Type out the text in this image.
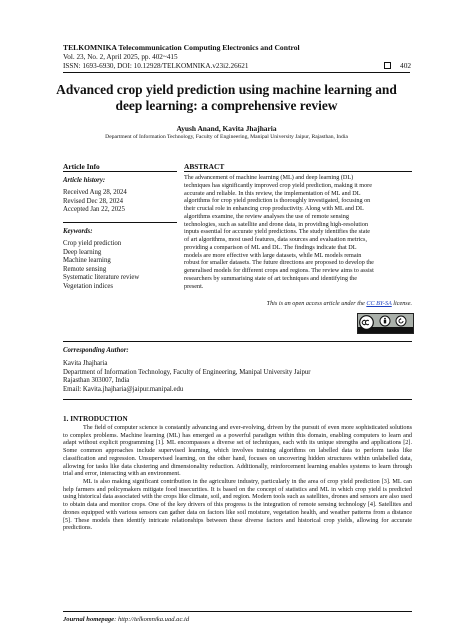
TELKOMNIKA Telecommunication Computing Electronics and Control
Vol. 23, No. 2, April 2025, pp. 402~415
ISSN: 1693-6930, DOI: 10.12928/TELKOMNIKA.v23i2.26621	402
Advanced crop yield prediction using machine learning and
deep learning: a comprehensive review
Ayush Anand, Kavita Jhajharia
Department of Information Technology, Faculty of Engineering, Manipal University Jaipur, Rajasthan, India
Article Info
Article history:
Received Aug 28, 2024
Revised Dec 28, 2024
Accepted Jan 22, 2025
Keywords:
Crop yield prediction
Deep learning
Machine learning
Remote sensing
Systematic literature review
Vegetation indices
ABSTRACT
The advancement of machine learning (ML) and deep learning (DL)
techniques has significantly improved crop yield prediction, making it more
accurate and reliable. In this review, the implementation of ML and DL
algorithms for crop yield prediction is thoroughly investigated, focusing on
their crucial role in enhancing crop productivity. Along with ML and DL
algorithms examine, the review analyses the use of remote sensing
technologies, such as satellite and drone data, in providing high-resolution
inputs essential for accurate yield predictions. The study identifies the state
of art algorithms, most used features, data sources and evaluation metrics,
providing a comparison of ML and DL. The findings indicate that DL
models are more effective with large datasets, while ML models remain
robust for smaller datasets. The future directions are proposed to develop the
generalised models for different crops and regions. The review aims to assist
researchers by summarising state of art techniques and identifying the
present.
This is an open access article under the CC BY-SA license.
Corresponding Author:
Kavita Jhajharia
Department of Information Technology, Faculty of Engineering, Manipal University Jaipur
Rajasthan 303007, India
Email: Kavita.jhajharia@jaipur.manipal.edu
1. INTRODUCTION

The field of computer science is constantly advancing and ever-evolving, driven by the pursuit of even more sophisticated solutions to complex problems. Machine learning (ML) has emerged as a powerful paradigm within this domain, enabling computers to learn and adapt without explicit programming [1]. ML encompasses a diverse set of techniques, each with its unique strengths and applications [2]. Some common approaches include supervised learning, which involves training algorithms on labelled data to perform tasks like classification and regression. Unsupervised learning, on the other hand, focuses on uncovering hidden structures within unlabelled data, allowing for tasks like data clustering and dimensionality reduction. Additionally, reinforcement learning enables systems to learn through trial and error, interacting with an environment.

ML is also making significant contribution in the agriculture industry, particularly in the area of crop yield prediction [3]. ML can help farmers and policymakers mitigate food insecurities. It is based on the concept of statistics and ML in which crop yield is predicted using historical data associated with the crops like climate, soil, and region. Modern tools such as satellites, drones and sensors are also used to obtain data and monitor crops. One of the key drivers of this progress is the integration of remote sensing technology [4]. Satellites and drones equipped with various sensors can gather data on factors like soil moisture, vegetation health, and weather patterns from a distance [5]. These models then identify intricate relationships between these diverse factors and historical crop yields, allowing for accurate predictions.

Journal homepage: http://telkomnika.uad.ac.id
